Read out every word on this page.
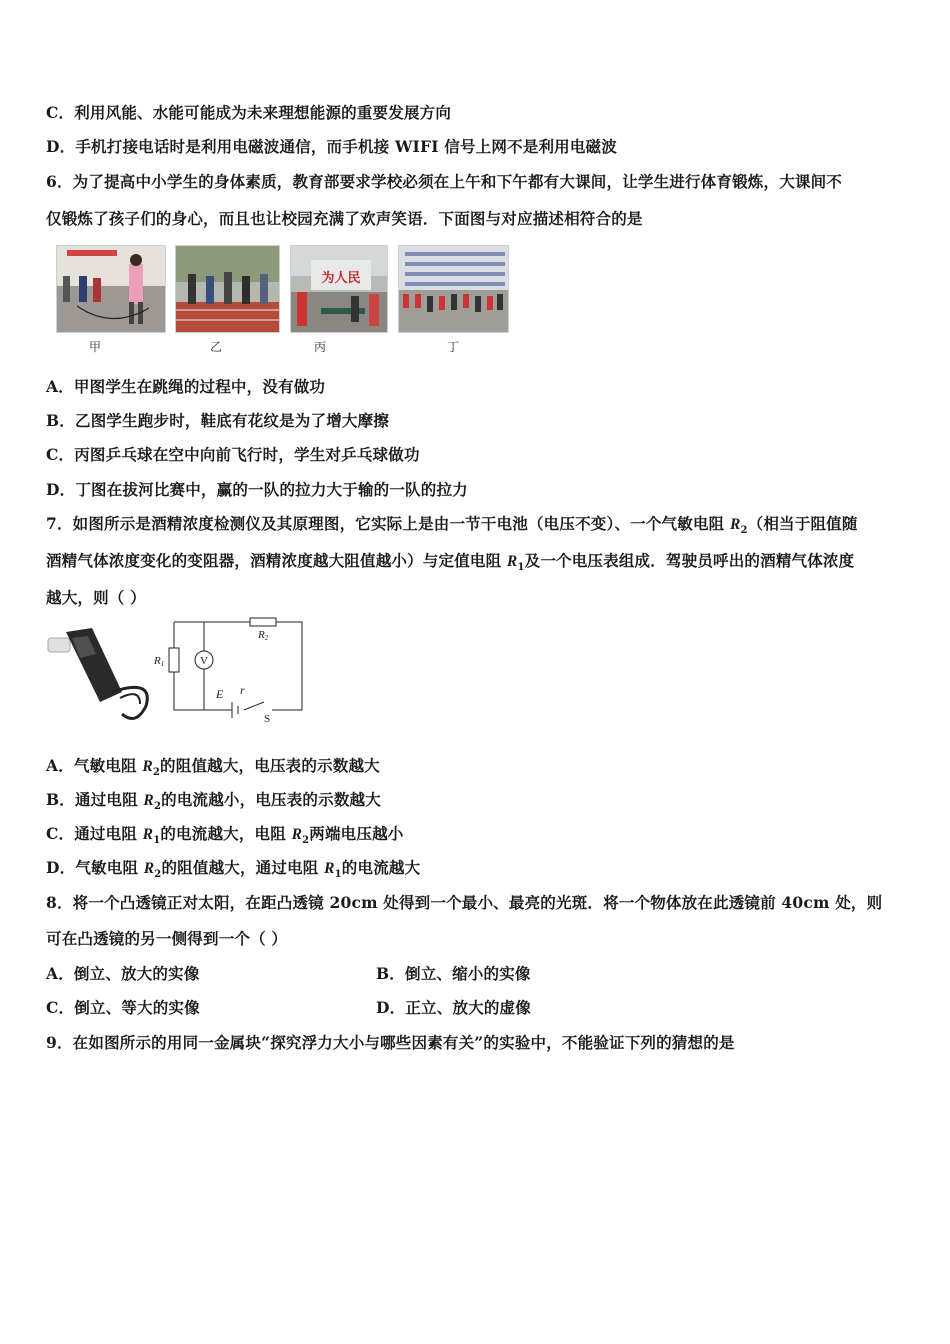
C．利用风能、水能可能成为未来理想能源的重要发展方向
D．手机打接电话时是利用电磁波通信，而手机接 WIFI 信号上网不是利用电磁波
6．为了提高中小学生的身体素质，教育部要求学校必须在上午和下午都有大课间，让学生进行体育锻炼，大课间不
仅锻炼了孩子们的身心，而且也让校园充满了欢声笑语．下面图与对应描述相符合的是
为人民
甲	乙	丙	丁
A．甲图学生在跳绳的过程中，没有做功
B．乙图学生跑步时，鞋底有花纹是为了增大摩擦
C．丙图乒乓球在空中向前飞行时，学生对乒乓球做功
D．丁图在拔河比赛中，赢的一队的拉力大于输的一队的拉力
7．如图所示是酒精浓度检测仪及其原理图，它实际上是由一节干电池（电压不变）、一个气敏电阻 $R_2$（相当于阻值随
酒精气体浓度变化的变阻器，酒精浓度越大阻值越小）与定值电阻 $R_1$及一个电压表组成．驾驶员呼出的酒精气体浓度
越大，则（ ）
V
R2
R1
E r
S
A．气敏电阻 $R_2$的阻值越大，电压表的示数越大
B．通过电阻 $R_2$的电流越小，电压表的示数越大
C．通过电阻 $R_1$的电流越大，电阻 $R_2$两端电压越小
D．气敏电阻 $R_2$的阻值越大，通过电阻 $R_1$的电流越大
8．将一个凸透镜正对太阳，在距凸透镜 20cm 处得到一个最小、最亮的光斑．将一个物体放在此透镜前 40cm 处，则
可在凸透镜的另一侧得到一个（ ）
A．倒立、放大的实像	B．倒立、缩小的实像
C．倒立、等大的实像	D．正立、放大的虚像
9．在如图所示的用同一金属块“探究浮力大小与哪些因素有关”的实验中，不能验证下列的猜想的是
